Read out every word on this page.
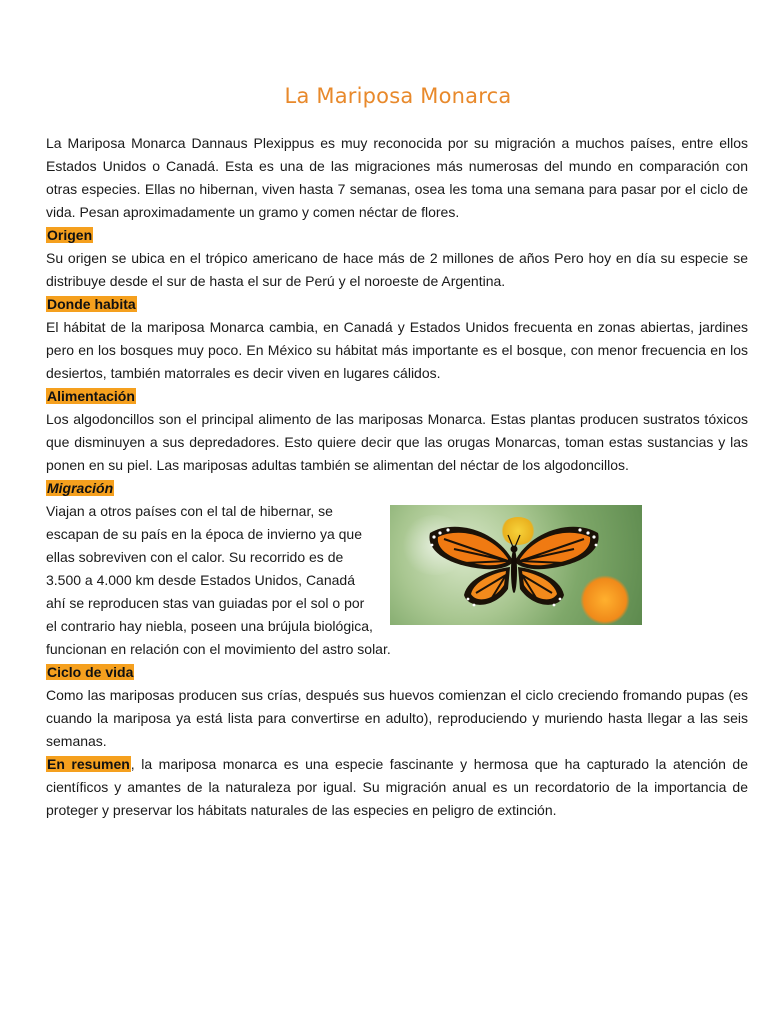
La Mariposa Monarca

La Mariposa Monarca Dannaus Plexippus es muy reconocida por su migración a muchos países, entre ellos Estados Unidos o Canadá. Esta es una de las migraciones más numerosas del mundo en comparación con otras especies. Ellas no hibernan, viven hasta 7 semanas, osea les toma una semana para pasar por el ciclo de vida. Pesan aproximadamente un gramo y comen néctar de flores.

Origen

Su origen se ubica en el trópico americano de hace más de 2 millones de años Pero hoy en día su especie se distribuye desde el sur de hasta el sur de Perú y el noroeste de Argentina.

Donde habita

El hábitat de la mariposa Monarca cambia, en Canadá y Estados Unidos frecuenta en zonas abiertas, jardines pero en los bosques muy poco. En México su hábitat más importante es el bosque, con menor frecuencia en los desiertos, también matorrales es decir viven en lugares cálidos.

Alimentación

Los algodoncillos son el principal alimento de las mariposas Monarca. Estas plantas producen sustratos tóxicos que disminuyen a sus depredadores. Esto quiere decir que las orugas Monarcas, toman estas sustancias y las ponen en su piel. Las mariposas adultas también se alimentan del néctar de los algodoncillos.

Migración

Viajan a otros países con el tal de hibernar, se escapan de su país en la época de invierno ya que ellas sobreviven con el calor. Su recorrido es de 3.500 a 4.000 km desde Estados Unidos, Canadá ahí se reproducen stas van guiadas por el sol o por el contrario hay niebla, poseen una brújula biológica, funcionan en relación con el movimiento del astro solar.

Ciclo de vida

Como las mariposas producen sus crías, después sus huevos comienzan el ciclo creciendo fromando pupas (es cuando la mariposa ya está lista para convertirse en adulto), reproduciendo y muriendo hasta llegar a las seis semanas.

En resumen, la mariposa monarca es una especie fascinante y hermosa que ha capturado la atención de científicos y amantes de la naturaleza por igual. Su migración anual es un recordatorio de la importancia de proteger y preservar los hábitats naturales de las especies en peligro de extinción.
